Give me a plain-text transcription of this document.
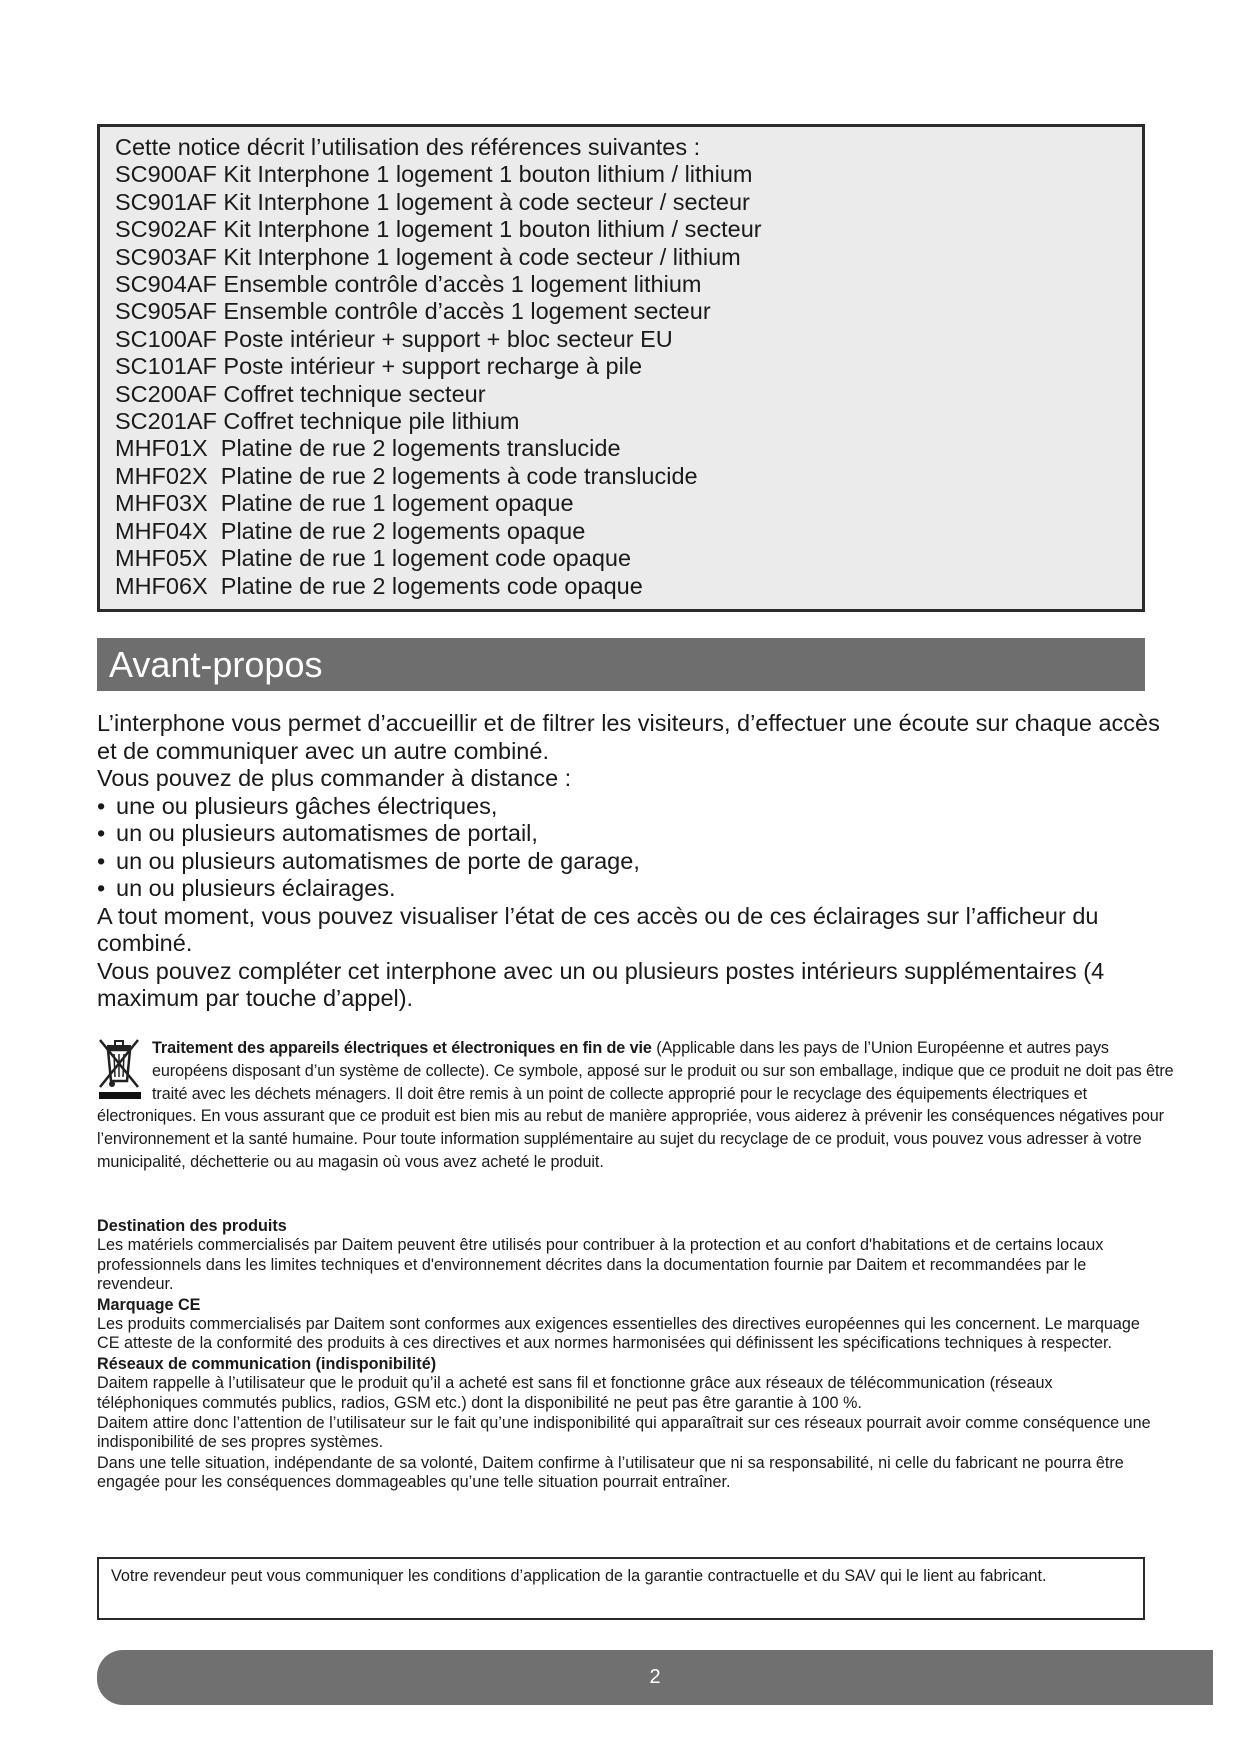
Cette notice décrit l’utilisation des références suivantes :
SC900AF Kit Interphone 1 logement 1 bouton lithium / lithium
SC901AF Kit Interphone 1 logement à code secteur / secteur
SC902AF Kit Interphone 1 logement 1 bouton lithium / secteur
SC903AF Kit Interphone 1 logement à code secteur / lithium
SC904AF Ensemble contrôle d’accès 1 logement lithium
SC905AF Ensemble contrôle d’accès 1 logement secteur
SC100AF Poste intérieur + support + bloc secteur EU
SC101AF Poste intérieur + support recharge à pile
SC200AF Coffret technique secteur
SC201AF Coffret technique pile lithium
MHF01X  Platine de rue 2 logements translucide
MHF02X  Platine de rue 2 logements à code translucide
MHF03X  Platine de rue 1 logement opaque
MHF04X  Platine de rue 2 logements opaque
MHF05X  Platine de rue 1 logement code opaque
MHF06X  Platine de rue 2 logements code opaque
Avant-propos

L’interphone vous permet d’accueillir et de filtrer les visiteurs, d’effectuer une écoute sur chaque accès et de communiquer avec un autre combiné.

Vous pouvez de plus commander à distance :

• une ou plusieurs gâches électriques,
• un ou plusieurs automatismes de portail,
• un ou plusieurs automatismes de porte de garage,
• un ou plusieurs éclairages.

A tout moment, vous pouvez visualiser l’état de ces accès ou de ces éclairages sur l’afficheur du combiné.

Vous pouvez compléter cet interphone avec un ou plusieurs postes intérieurs supplémentaires (4 maximum par touche d’appel).

Traitement des appareils électriques et électroniques en fin de vie (Applicable dans les pays de l’Union Européenne et autres pays européens disposant d’un système de collecte). Ce symbole, apposé sur le produit ou sur son emballage, indique que ce produit ne doit pas être traité avec les déchets ménagers. Il doit être remis à un point de collecte approprié pour le recyclage des équipements électriques et électroniques. En vous assurant que ce produit est bien mis au rebut de manière appropriée, vous aiderez à prévenir les conséquences négatives pour l’environnement et la santé humaine. Pour toute information supplémentaire au sujet du recyclage de ce produit, vous pouvez vous adresser à votre municipalité, déchetterie ou au magasin où vous avez acheté le produit.
Destination des produits

Les matériels commercialisés par Daitem peuvent être utilisés pour contribuer à la protection et au confort d'habitations et de certains locaux professionnels dans les limites techniques et d'environnement décrites dans la documentation fournie par Daitem et recommandées par le revendeur.

Marquage CE

Les produits commercialisés par Daitem sont conformes aux exigences essentielles des directives européennes qui les concernent. Le marquage CE atteste de la conformité des produits à ces directives et aux normes harmonisées qui définissent les spécifications techniques à respecter.

Réseaux de communication (indisponibilité)

Daitem rappelle à l’utilisateur que le produit qu’il a acheté est sans fil et fonctionne grâce aux réseaux de télécommunication (réseaux téléphoniques commutés publics, radios, GSM etc.) dont la disponibilité ne peut pas être garantie à 100 %.

Daitem attire donc l’attention de l’utilisateur sur le fait qu’une indisponibilité qui apparaîtrait sur ces réseaux pourrait avoir comme conséquence une indisponibilité de ses propres systèmes.

Dans une telle situation, indépendante de sa volonté, Daitem confirme à l’utilisateur que ni sa responsabilité, ni celle du fabricant ne pourra être engagée pour les conséquences dommageables qu’une telle situation pourrait entraîner.

Votre revendeur peut vous communiquer les conditions d’application de la garantie contractuelle et du SAV qui le lient au fabricant.
2
